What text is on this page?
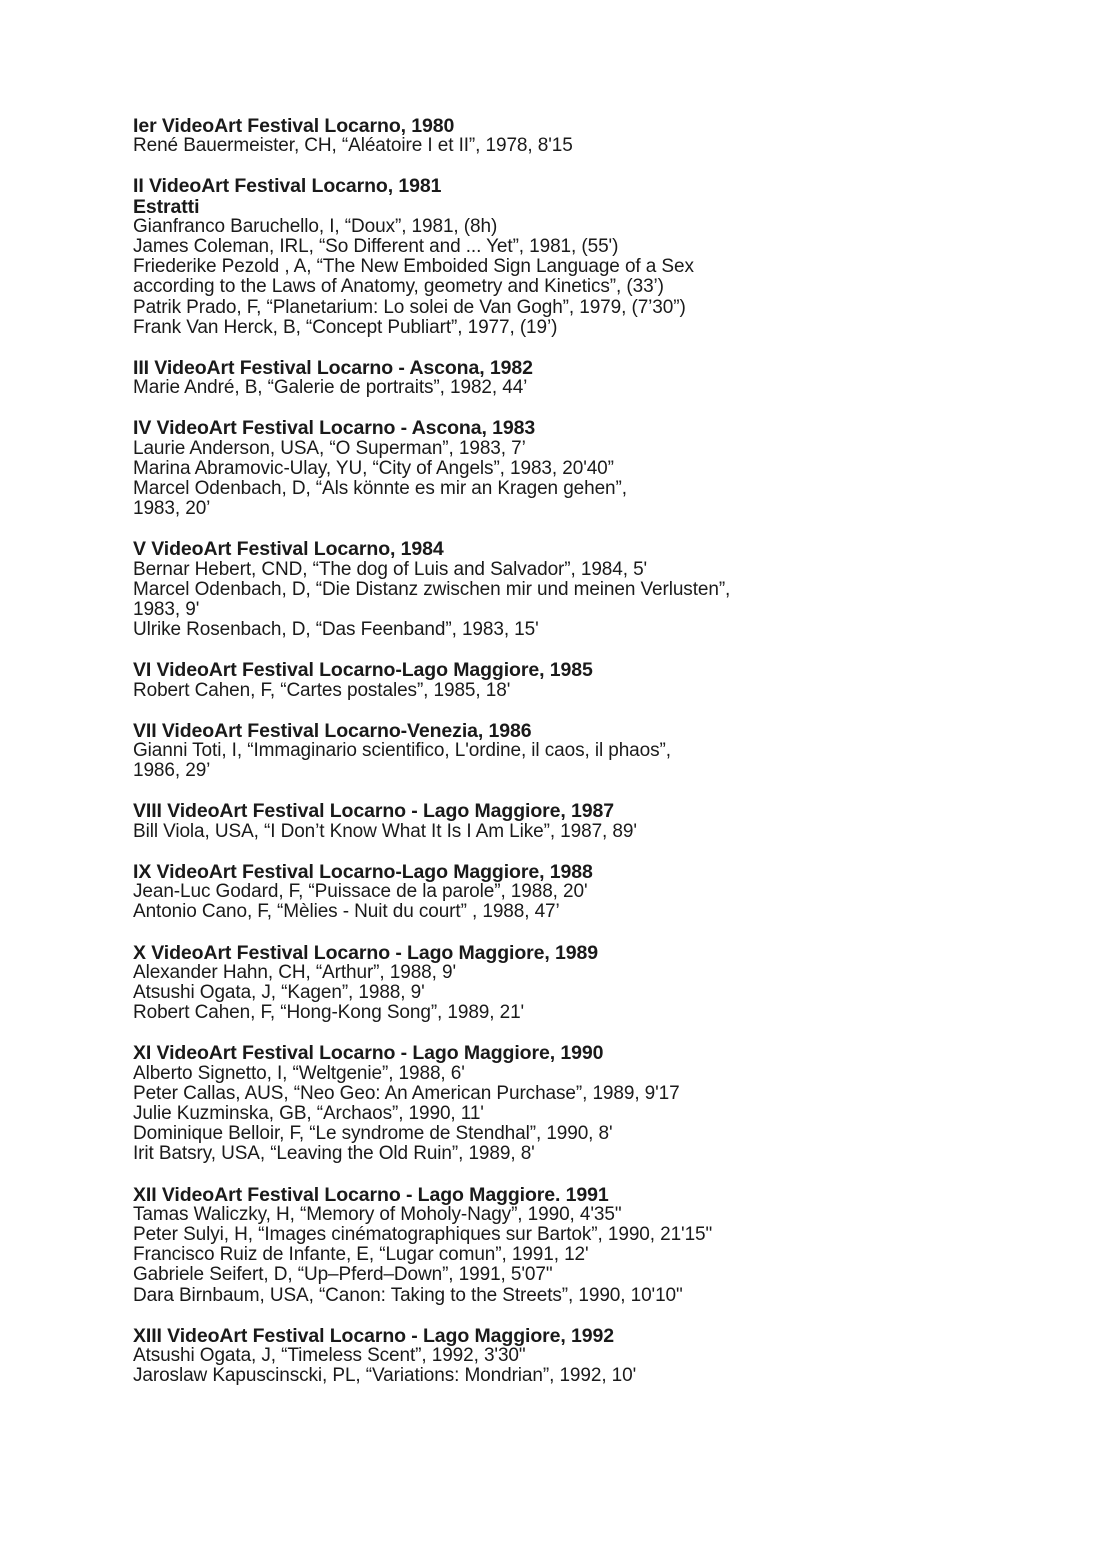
Ier VideoArt Festival Locarno, 1980
René Bauermeister, CH, “Aléatoire I et II”, 1978, 8'15
II VideoArt Festival Locarno, 1981
Estratti
Gianfranco Baruchello, I, “Doux”, 1981, (8h)
James Coleman, IRL, “So Different and ... Yet”, 1981, (55')
Friederike Pezold , A, “The New Emboided Sign Language of a Sex
according to the Laws of Anatomy, geometry and Kinetics”, (33’)
Patrik Prado, F, “Planetarium: Lo solei de Van Gogh”, 1979, (7’30”)
Frank Van Herck, B, “Concept Publiart”, 1977, (19’)
III VideoArt Festival Locarno - Ascona, 1982
Marie André, B, “Galerie de portraits”, 1982, 44’
IV VideoArt Festival Locarno - Ascona, 1983
Laurie Anderson, USA, “O Superman”, 1983, 7’
Marina Abramovic-Ulay, YU, “City of Angels”, 1983, 20'40”
Marcel Odenbach, D, “Als könnte es mir an Kragen gehen”,
1983, 20’
V VideoArt Festival Locarno, 1984
Bernar Hebert, CND, “The dog of Luis and Salvador”, 1984, 5'
Marcel Odenbach, D, “Die Distanz zwischen mir und meinen Verlusten”,
1983, 9'
Ulrike Rosenbach, D, “Das Feenband”, 1983, 15'
VI VideoArt Festival Locarno-Lago Maggiore, 1985
Robert Cahen, F, “Cartes postales”, 1985, 18'
VII VideoArt Festival Locarno-Venezia, 1986
Gianni Toti, I, “Immaginario scientifico, L'ordine, il caos, il phaos”,
1986, 29’
VIII VideoArt Festival Locarno - Lago Maggiore, 1987
Bill Viola, USA, “I Don’t Know What It Is I Am Like”, 1987, 89'
IX VideoArt Festival Locarno-Lago Maggiore, 1988
Jean-Luc Godard, F, “Puissace de la parole”, 1988, 20'
Antonio Cano, F, “Mèlies - Nuit du court” , 1988, 47’
X VideoArt Festival Locarno - Lago Maggiore, 1989
Alexander Hahn, CH, “Arthur”, 1988, 9'
Atsushi Ogata, J, “Kagen”, 1988, 9'
Robert Cahen, F, “Hong-Kong Song”, 1989, 21'
XI VideoArt Festival Locarno - Lago Maggiore, 1990
Alberto Signetto, I, “Weltgenie”, 1988, 6'
Peter Callas, AUS, “Neo Geo: An American Purchase”, 1989, 9'17
Julie Kuzminska, GB, “Archaos”, 1990, 11'
Dominique Belloir, F, “Le syndrome de Stendhal”, 1990, 8'
Irit Batsry, USA, “Leaving the Old Ruin”, 1989, 8'
XII VideoArt Festival Locarno - Lago Maggiore. 1991
Tamas Waliczky, H, “Memory of Moholy-Nagy”, 1990, 4'35"
Peter Sulyi, H, “Images cinématographiques sur Bartok”, 1990, 21'15"
Francisco Ruiz de Infante, E, “Lugar comun”, 1991, 12'
Gabriele Seifert, D, “Up–Pferd–Down”, 1991, 5'07"
Dara Birnbaum, USA, “Canon: Taking to the Streets”, 1990, 10'10"
XIII VideoArt Festival Locarno - Lago Maggiore, 1992
Atsushi Ogata, J, “Timeless Scent”, 1992, 3'30"
Jaroslaw Kapuscinscki, PL, “Variations: Mondrian”, 1992, 10'
